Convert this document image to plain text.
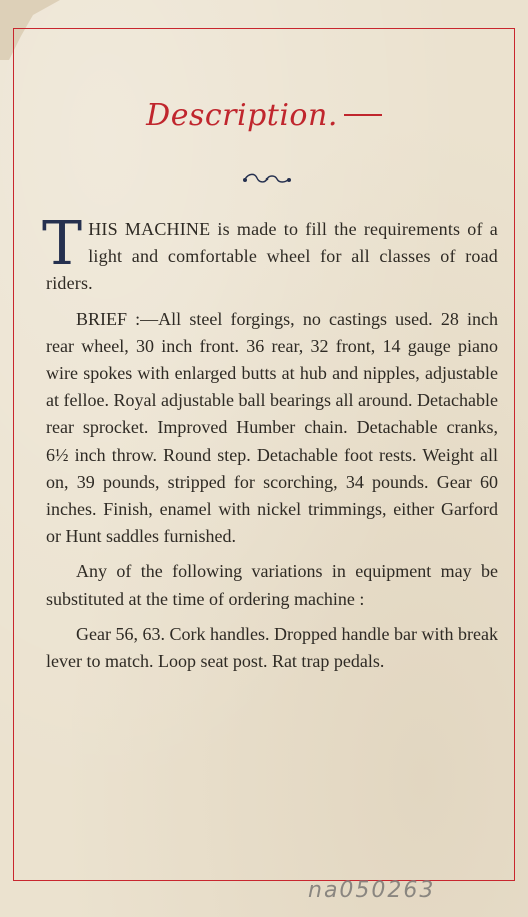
Description.

THIS MACHINE is made to fill the requirements of a light and comfortable wheel for all classes of road riders.

BRIEF :—All steel forgings, no castings used. 28 inch rear wheel, 30 inch front. 36 rear, 32 front, 14 gauge piano wire spokes with enlarged butts at hub and nipples, adjustable at felloe. Royal adjustable ball bearings all around. Detachable rear sprocket. Improved Humber chain. Detachable cranks, 6½ inch throw. Round step. Detachable foot rests. Weight all on, 39 pounds, stripped for scorching, 34 pounds. Gear 60 inches. Finish, enamel with nickel trimmings, either Garford or Hunt saddles furnished.

Any of the following variations in equipment may be substituted at the time of ordering machine :

Gear 56, 63. Cork handles. Dropped handle bar with break lever to match. Loop seat post. Rat trap pedals.

na050263
